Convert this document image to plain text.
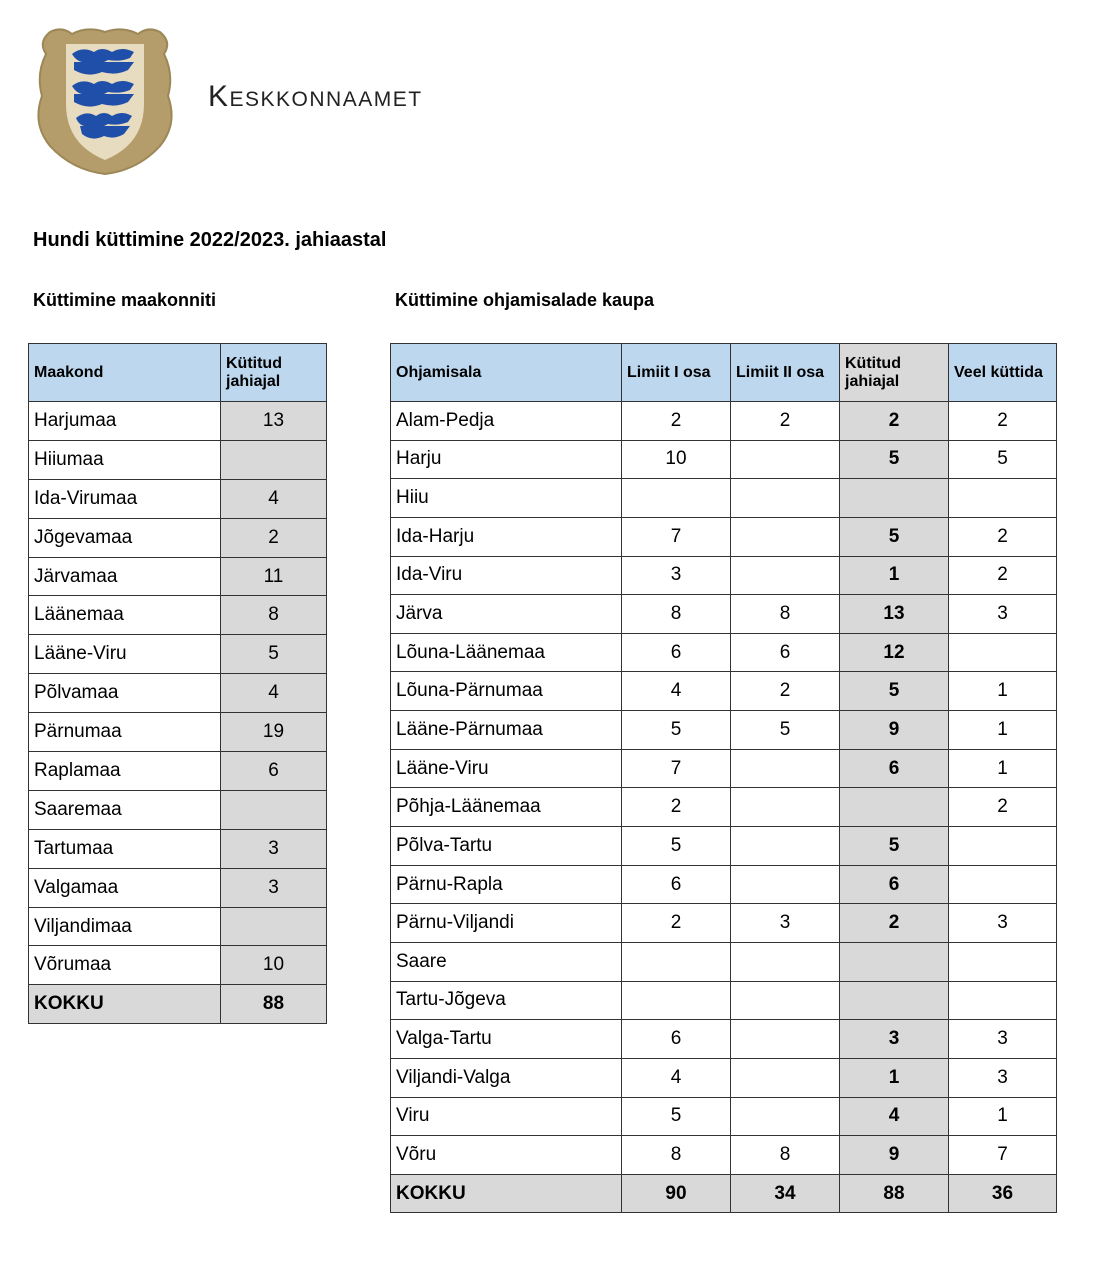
Keskkonnaamet
Hundi küttimine 2022/2023. jahiaastal
Küttimine maakonniti	Küttimine ohjamisalade kaupa
Maakond	Kütitud jahiajal
Harjumaa	13
Hiiumaa	
Ida-Virumaa	4
Jõgevamaa	2
Järvamaa	11
Läänemaa	8
Lääne-Viru	5
Põlvamaa	4
Pärnumaa	19
Raplamaa	6
Saaremaa	
Tartumaa	3
Valgamaa	3
Viljandimaa	
Võrumaa	10
KOKKU	88
Ohjamisala	Limiit I osa	Limiit II osa	Kütitud jahiajal	Veel küttida
Alam-Pedja	2	2	2	2
Harju	10		5	5
Hiiu				
Ida-Harju	7		5	2
Ida-Viru	3		1	2
Järva	8	8	13	3
Lõuna-Läänemaa	6	6	12	
Lõuna-Pärnumaa	4	2	5	1
Lääne-Pärnumaa	5	5	9	1
Lääne-Viru	7		6	1
Põhja-Läänemaa	2			2
Põlva-Tartu	5		5	
Pärnu-Rapla	6		6	
Pärnu-Viljandi	2	3	2	3
Saare				
Tartu-Jõgeva				
Valga-Tartu	6		3	3
Viljandi-Valga	4		1	3
Viru	5		4	1
Võru	8	8	9	7
KOKKU	90	34	88	36
